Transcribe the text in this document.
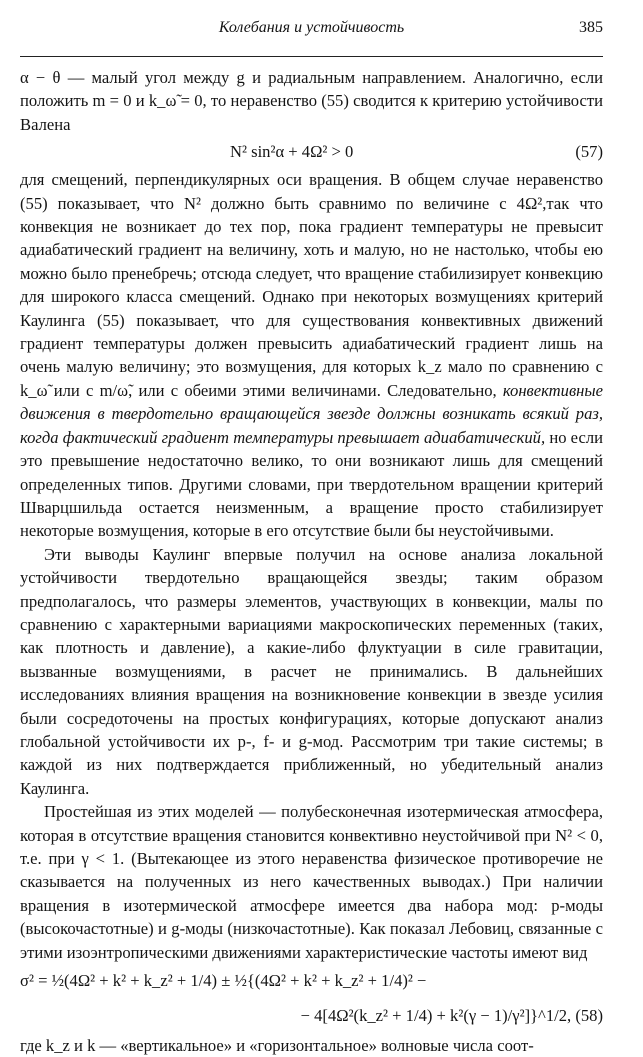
Колебания и устойчивость	385

α − θ — малый угол между g и радиальным направлением. Аналогично, если положить m = 0 и k_ω̃ = 0, то неравенство (55) сводится к критерию устойчивости Валена

N² sin²α + 4Ω² > 0	(57)

для смещений, перпендикулярных оси вращения. В общем случае неравенство (55) показывает, что N² должно быть сравнимо по величине с 4Ω²,так что конвекция не возникает до тех пор, пока градиент температуры не превысит адиабатический градиент на величину, хоть и малую, но не настолько, чтобы ею можно было пренебречь; отсюда следует, что вращение стабилизирует конвекцию для широкого класса смещений. Однако при некоторых возмущениях критерий Каулинга (55) показывает, что для существования конвективных движений градиент температуры должен превысить адиабатический градиент лишь на очень малую величину; это возмущения, для которых k_z мало по сравнению с k_ω̃ или с m/ω̃, или с обеими этими величинами. Следовательно, конвективные движения в твердотельно вращающейся звезде должны возникать всякий раз, когда фактический градиент температуры превышает адиабатический, но если это превышение недостаточно велико, то они возникают лишь для смещений определенных типов. Другими словами, при твердотельном вращении критерий Шварцшильда остается неизменным, а вращение просто стабилизирует некоторые возмущения, которые в его отсутствие были бы неустойчивыми.

Эти выводы Каулинг впервые получил на основе анализа локальной устойчивости твердотельно вращающейся звезды; таким образом предполагалось, что размеры элементов, участвующих в конвекции, малы по сравнению с характерными вариациями макроскопических переменных (таких, как плотность и давление), а какие-либо флуктуации в силе гравитации, вызванные возмущениями, в расчет не принимались. В дальнейших исследованиях влияния вращения на возникновение конвекции в звезде усилия были сосредоточены на простых конфигурациях, которые допускают анализ глобальной устойчивости их p-, f- и g-мод. Рассмотрим три такие системы; в каждой из них подтверждается приближенный, но убедительный анализ Каулинга.

Простейшая из этих моделей — полубесконечная изотермическая атмосфера, которая в отсутствие вращения становится конвективно неустойчивой при N² < 0, т.е. при γ < 1. (Вытекающее из этого неравенства физическое противоречие не сказывается на полученных из него качественных выводах.) При наличии вращения в изотермической атмосфере имеется два набора мод: p-моды (высокочастотные) и g-моды (низкочастотные). Как показал Лебовиц, связанные с этими изоэнтропическими движениями характеристические частоты имеют вид

σ² = ½(4Ω² + k² + k_z² + 1/4) ± ½{(4Ω² + k² + k_z² + 1/4)² −
− 4[4Ω²(k_z² + 1/4) + k²(γ − 1)/γ²]}^1/2, (58)

где k_z и k — «вертикальное» и «горизонтальное» волновые числа соот-
